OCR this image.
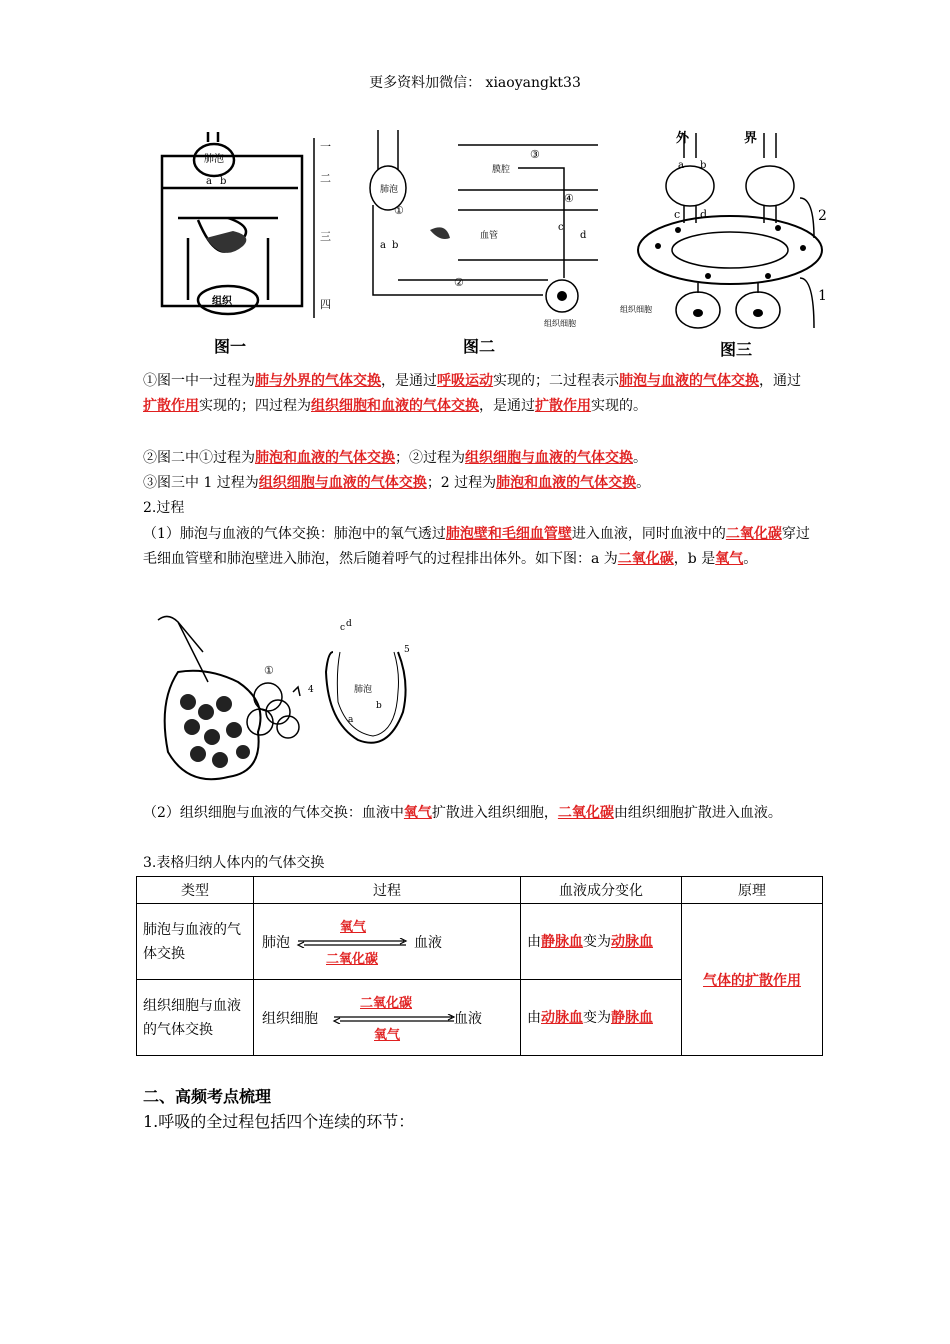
更多资料加微信： xiaoyangkt33
肺泡
组织
a b
一
二
三
四
图一
肺泡
血管
膜腔
组织细胞
①
②
③
④
a b
c
d
图二
外	界
a b
c d	2
1
组织细胞
图三
①图一中一过程为肺与外界的气体交换，是通过呼吸运动实现的；二过程表示肺泡与血液的气体交换，通过扩散作用实现的；四过程为组织细胞和血液的气体交换，是通过扩散作用实现的。
②图二中①过程为肺泡和血液的气体交换；②过程为组织细胞与血液的气体交换。
③图三中 1 过程为组织细胞与血液的气体交换；2 过程为肺泡和血液的气体交换。
2.过程
（1）肺泡与血液的气体交换：肺泡中的氧气透过肺泡壁和毛细血管壁进入血液，同时血液中的二氧化碳穿过毛细血管壁和肺泡壁进入肺泡，然后随着呼气的过程排出体外。如下图：a 为二氧化碳，b 是氧气。
①
肺泡
a
b
c d
4
5
（2）组织细胞与血液的气体交换：血液中氧气扩散进入组织细胞，二氧化碳由组织细胞扩散进入血液。
3.表格归纳人体内的气体交换
类型	过程	血液成分变化	原理
肺泡与血液的气体交换	肺泡
氧气
二氧化碳
血液	由静脉血变为动脉血	气体的扩散作用
组织细胞与血液的气体交换	组织细胞
二氧化碳
氧气
血液	由动脉血变为静脉血	
二、高频考点梳理
1.呼吸的全过程包括四个连续的环节：
